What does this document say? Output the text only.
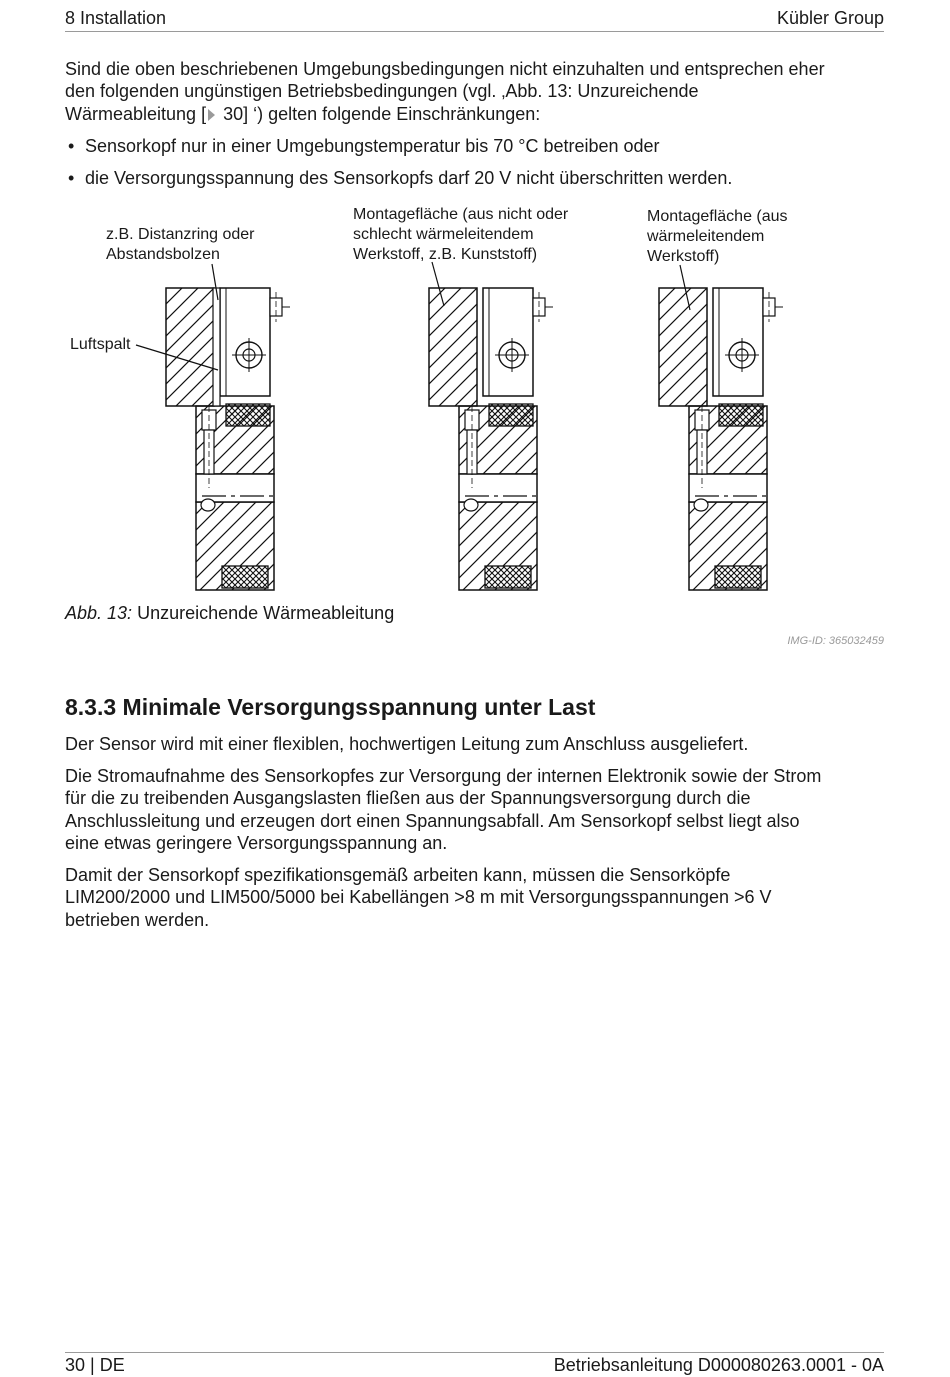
8 Installation	Kübler Group
Sind die oben beschriebenen Umgebungsbedingungen nicht einzuhalten und entsprechen eher
den folgenden ungünstigen Betriebsbedingungen (vgl. ‚Abb. 13: Unzureichende
Wärmeableitung [ 30] ‘) gelten folgende Einschränkungen:
• Sensorkopf nur in einer Umgebungstemperatur bis 70 °C betreiben oder
• die Versorgungsspannung des Sensorkopfs darf 20 V nicht überschritten werden.
z.B. Distanzring oder
Abstandsbolzen
Montagefläche (aus nicht oder
schlecht wärmeleitendem
Werkstoff, z.B. Kunststoff)
Montagefläche (aus
wärmeleitendem
Werkstoff)
Luftspalt
Abb. 13: Unzureichende Wärmeableitung
IMG-ID: 365032459
8.3.3 Minimale Versorgungsspannung unter Last
Der Sensor wird mit einer flexiblen, hochwertigen Leitung zum Anschluss ausgeliefert.
Die Stromaufnahme des Sensorkopfes zur Versorgung der internen Elektronik sowie der Strom
für die zu treibenden Ausgangslasten fließen aus der Spannungsversorgung durch die
Anschlussleitung und erzeugen dort einen Spannungsabfall. Am Sensorkopf selbst liegt also
eine etwas geringere Versorgungsspannung an.
Damit der Sensorkopf spezifikationsgemäß arbeiten kann, müssen die Sensorköpfe
LIM200/2000 und LIM500/5000 bei Kabellängen >8 m mit Versorgungsspannungen >6 V
betrieben werden.
30 | DE	Betriebsanleitung D000080263.0001 - 0A
